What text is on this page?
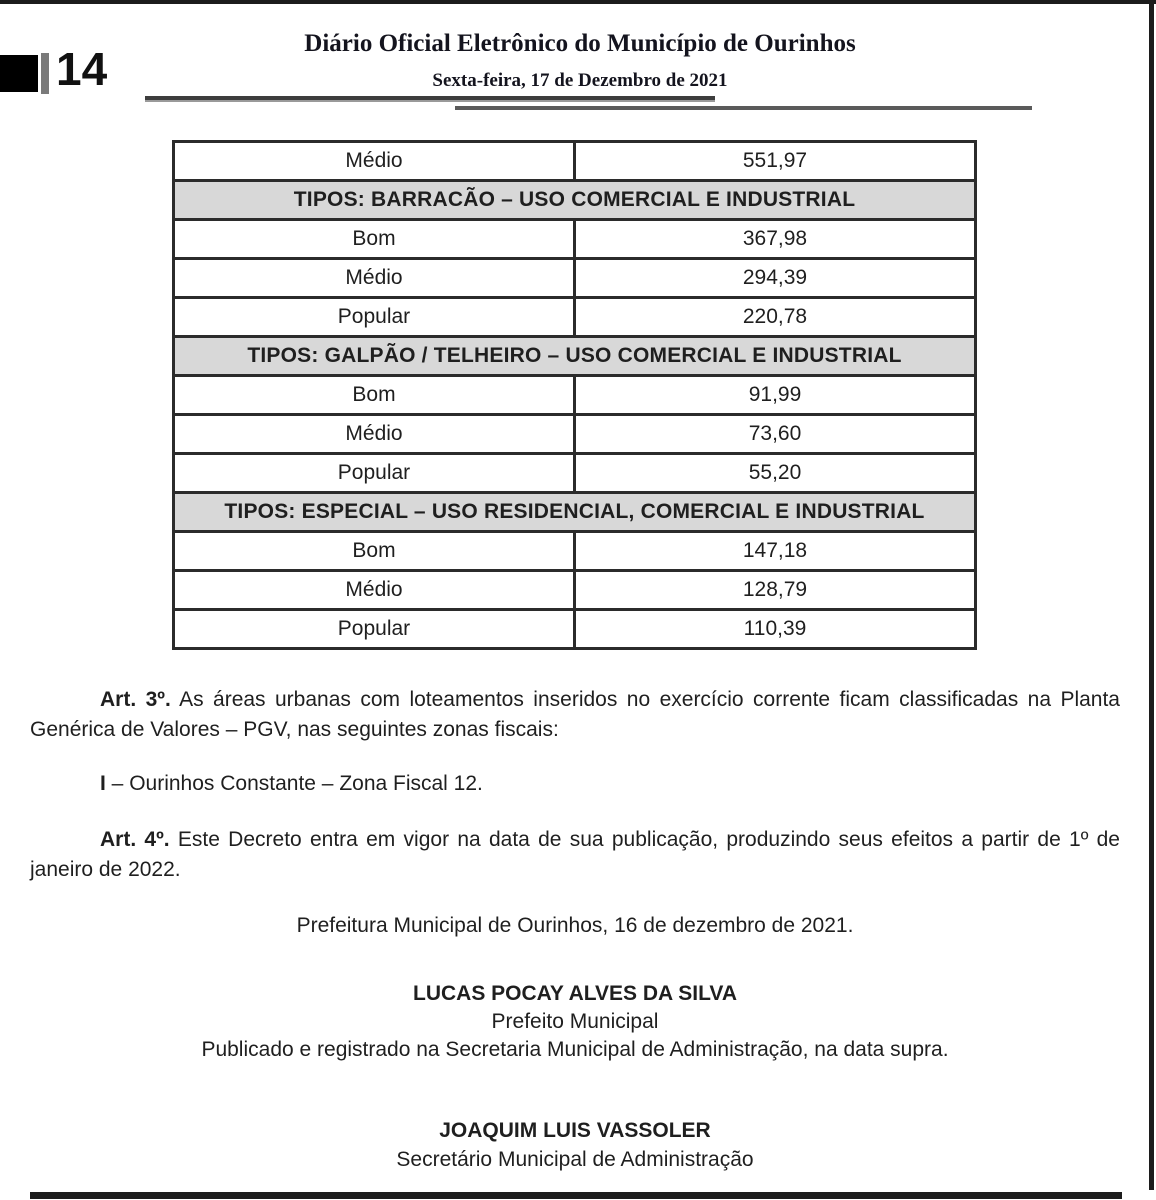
14	Diário Oficial Eletrônico do Município de Ourinhos
Sexta-feira, 17 de Dezembro de 2021
Médio	551,97
TIPOS: BARRACÃO – USO COMERCIAL E INDUSTRIAL	
Bom	367,98
Médio	294,39
Popular	220,78
TIPOS: GALPÃO / TELHEIRO – USO COMERCIAL E INDUSTRIAL	
Bom	91,99
Médio	73,60
Popular	55,20
TIPOS: ESPECIAL – USO RESIDENCIAL, COMERCIAL E INDUSTRIAL	
Bom	147,18
Médio	128,79
Popular	110,39

Art. 3º. As áreas urbanas com loteamentos inseridos no exercício corrente ficam classificadas na Planta Genérica de Valores – PGV, nas seguintes zonas fiscais:

I – Ourinhos Constante – Zona Fiscal 12.

Art. 4º. Este Decreto entra em vigor na data de sua publicação, produzindo seus efeitos a partir de 1º de janeiro de 2022.

Prefeitura Municipal de Ourinhos, 16 de dezembro de 2021.

LUCAS POCAY ALVES DA SILVA
Prefeito Municipal
Publicado e registrado na Secretaria Municipal de Administração, na data supra.
JOAQUIM LUIS VASSOLER
Secretário Municipal de Administração
